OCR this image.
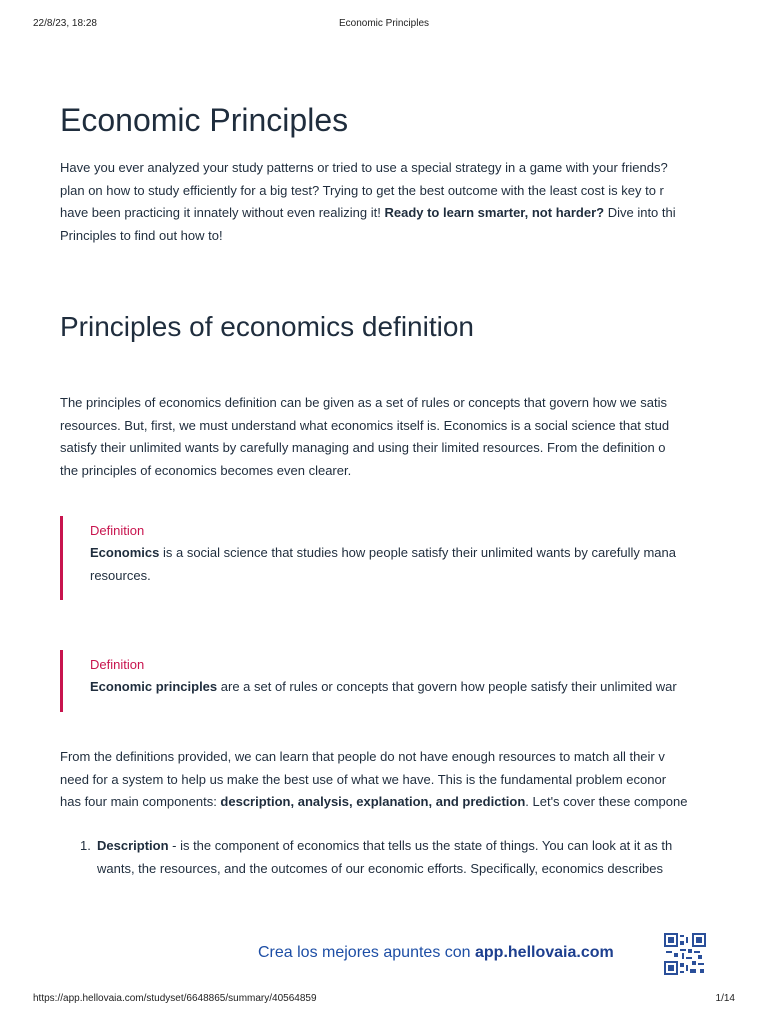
22/8/23, 18:28	Economic Principles
Economic Principles

Have you ever analyzed your study patterns or tried to use a special strategy in a game with your friends?

plan on how to study efficiently for a big test? Trying to get the best outcome with the least cost is key to r

have been practicing it innately without even realizing it! Ready to learn smarter, not harder? Dive into thi

Principles to find out how to!

Principles of economics definition

The principles of economics definition can be given as a set of rules or concepts that govern how we satis

resources. But, first, we must understand what economics itself is. Economics is a social science that stud

satisfy their unlimited wants by carefully managing and using their limited resources. From the definition o

the principles of economics becomes even clearer.

Definition
Economics is a social science that studies how people satisfy their unlimited wants by carefully mana
resources.
Definition
Economic principles are a set of rules or concepts that govern how people satisfy their unlimited war

From the definitions provided, we can learn that people do not have enough resources to match all their v

need for a system to help us make the best use of what we have. This is the fundamental problem econor

has four main components: description, analysis, explanation, and prediction. Let's cover these compone

1. Description - is the component of economics that tells us the state of things. You can look at it as th
wants, the resources, and the outcomes of our economic efforts. Specifically, economics describes
Crea los mejores apuntes con app.hellovaia.com
https://app.hellovaia.com/studyset/6648865/summary/40564859	1/14
